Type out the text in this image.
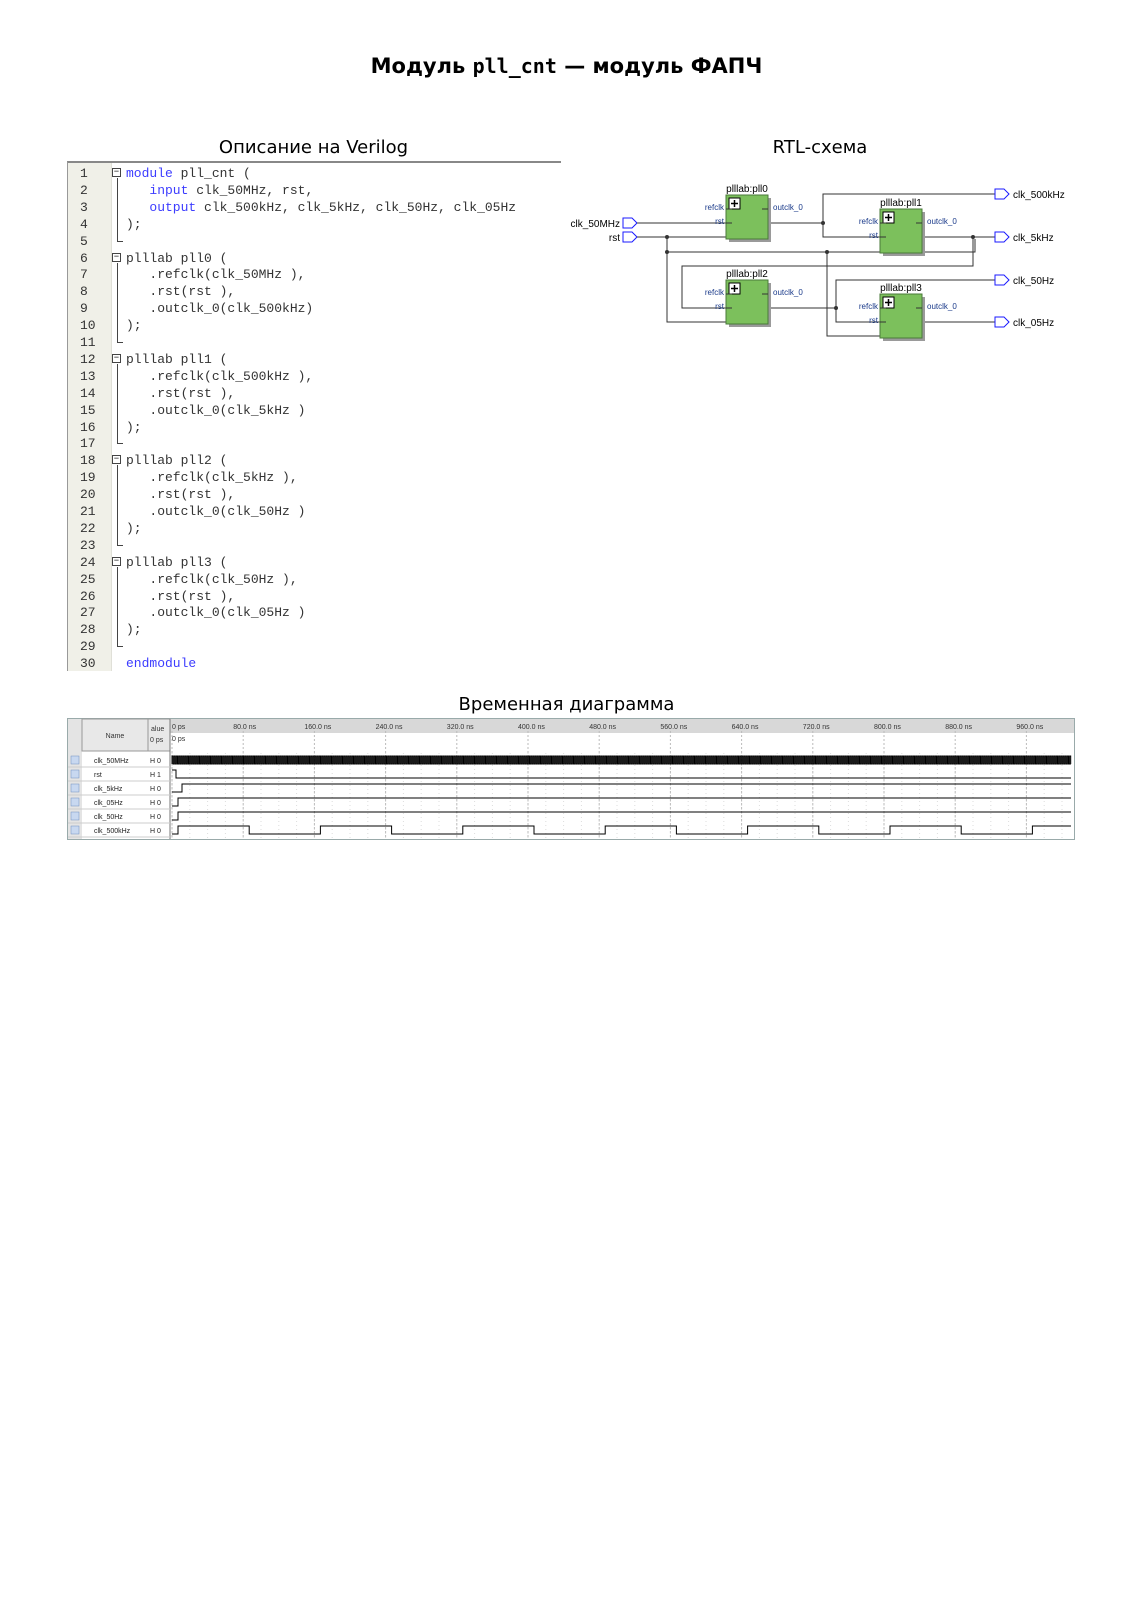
Модуль pll_cnt — модуль ФАПЧ
Описание на Verilog	RTL-схема
Временная диаграмма
1	− module pll_cnt (
2	input clk_50MHz, rst,
3	output clk_500kHz, clk_5kHz, clk_50Hz, clk_05Hz
4	);
5
6	− plllab pll0 (
7	.refclk(clk_50MHz ),
8	.rst(rst ),
9	.outclk_0(clk_500kHz)
10	);
11
12	− plllab pll1 (
13	.refclk(clk_500kHz ),
14	.rst(rst ),
15	.outclk_0(clk_5kHz )
16	);
17
18	− plllab pll2 (
19	.refclk(clk_5kHz ),
20	.rst(rst ),
21	.outclk_0(clk_50Hz )
22	);
23
24	− plllab pll3 (
25	.refclk(clk_50Hz ),
26	.rst(rst ),
27	.outclk_0(clk_05Hz )
28	);
29
30	endmodule
clk_50MHz
rst
clk_500kHz
clk_5kHz
clk_50Hz
clk_05Hz
plllab:pll0
refclk
rst
outclk_0	plllab:pll1
refclk
rst
outclk_0
plllab:pll2
refclk
rst
outclk_0	plllab:pll3
refclk
rst
outclk_0
Name
alue
0 ps 0 ps
0 ps	80.0 ns	160.0 ns	240.0 ns	320.0 ns	400.0 ns	480.0 ns	560.0 ns	640.0 ns	720.0 ns	800.0 ns	880.0 ns	960.0 ns
clk_50MHz	H 0
rst	H 1
clk_5kHz	H 0
clk_05Hz	H 0
clk_50Hz	H 0
clk_500kHz	H 0
